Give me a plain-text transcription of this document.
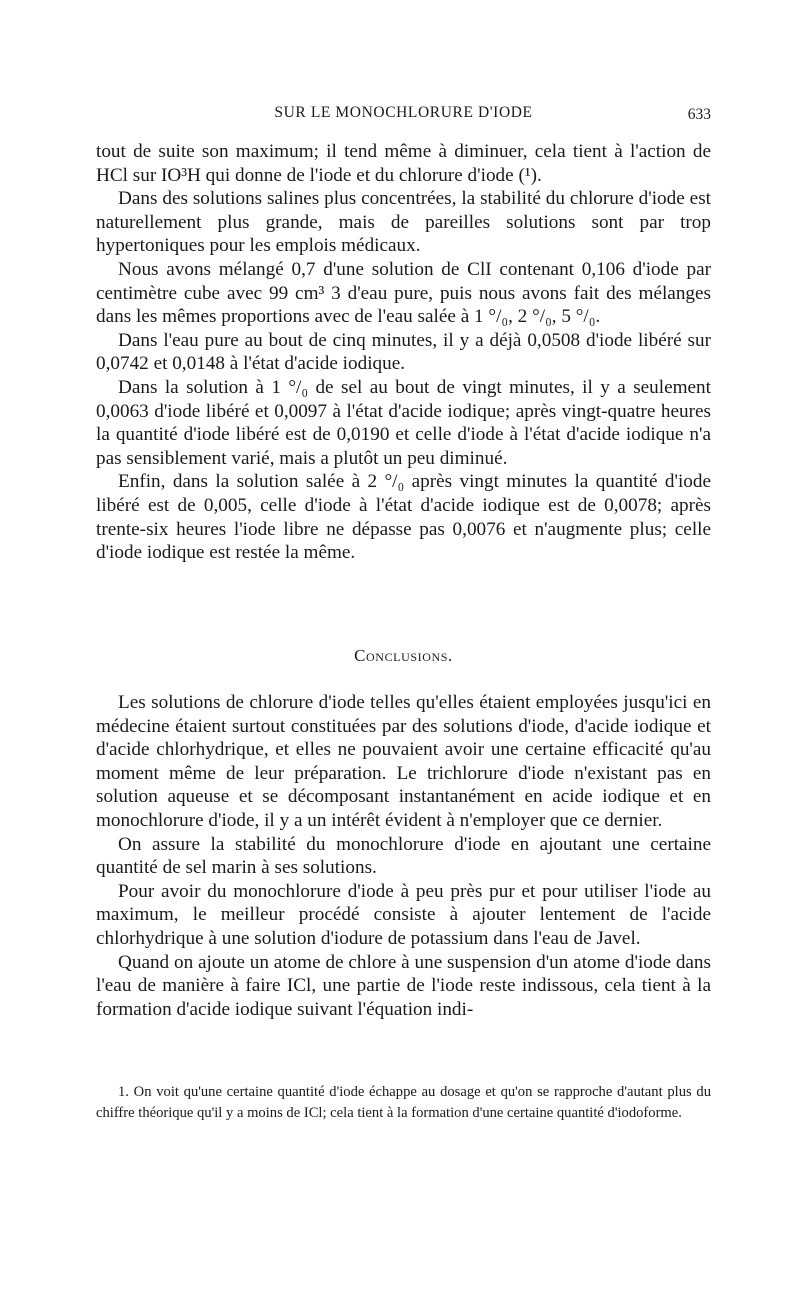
SUR LE MONOCHLORURE D'IODE	633

tout de suite son maximum; il tend même à diminuer, cela tient à l'action de HCl sur IO³H qui donne de l'iode et du chlorure d'iode (¹).

Dans des solutions salines plus concentrées, la stabilité du chlorure d'iode est naturellement plus grande, mais de pareilles solutions sont par trop hypertoniques pour les emplois médicaux.

Nous avons mélangé 0,7 d'une solution de ClI contenant 0,106 d'iode par centimètre cube avec 99 cm³ 3 d'eau pure, puis nous avons fait des mélanges dans les mêmes proportions avec de l'eau salée à 1 °/₀, 2 °/₀, 5 °/₀.

Dans l'eau pure au bout de cinq minutes, il y a déjà 0,0508 d'iode libéré sur 0,0742 et 0,0148 à l'état d'acide iodique.

Dans la solution à 1 °/₀ de sel au bout de vingt minutes, il y a seulement 0,0063 d'iode libéré et 0,0097 à l'état d'acide iodique; après vingt-quatre heures la quantité d'iode libéré est de 0,0190 et celle d'iode à l'état d'acide iodique n'a pas sensiblement varié, mais a plutôt un peu diminué.

Enfin, dans la solution salée à 2 °/₀ après vingt minutes la quantité d'iode libéré est de 0,005, celle d'iode à l'état d'acide iodique est de 0,0078; après trente-six heures l'iode libre ne dépasse pas 0,0076 et n'augmente plus; celle d'iode iodique est restée la même.

Conclusions.

Les solutions de chlorure d'iode telles qu'elles étaient employées jusqu'ici en médecine étaient surtout constituées par des solutions d'iode, d'acide iodique et d'acide chlorhydrique, et elles ne pouvaient avoir une certaine efficacité qu'au moment même de leur préparation. Le trichlorure d'iode n'existant pas en solution aqueuse et se décomposant instantanément en acide iodique et en monochlorure d'iode, il y a un intérêt évident à n'employer que ce dernier.

On assure la stabilité du monochlorure d'iode en ajoutant une certaine quantité de sel marin à ses solutions.

Pour avoir du monochlorure d'iode à peu près pur et pour utiliser l'iode au maximum, le meilleur procédé consiste à ajouter lentement de l'acide chlorhydrique à une solution d'iodure de potassium dans l'eau de Javel.

Quand on ajoute un atome de chlore à une suspension d'un atome d'iode dans l'eau de manière à faire ICl, une partie de l'iode reste indissous, cela tient à la formation d'acide iodique suivant l'équation indi-

1. On voit qu'une certaine quantité d'iode échappe au dosage et qu'on se rapproche d'autant plus du chiffre théorique qu'il y a moins de ICl; cela tient à la formation d'une certaine quantité d'iodoforme.
